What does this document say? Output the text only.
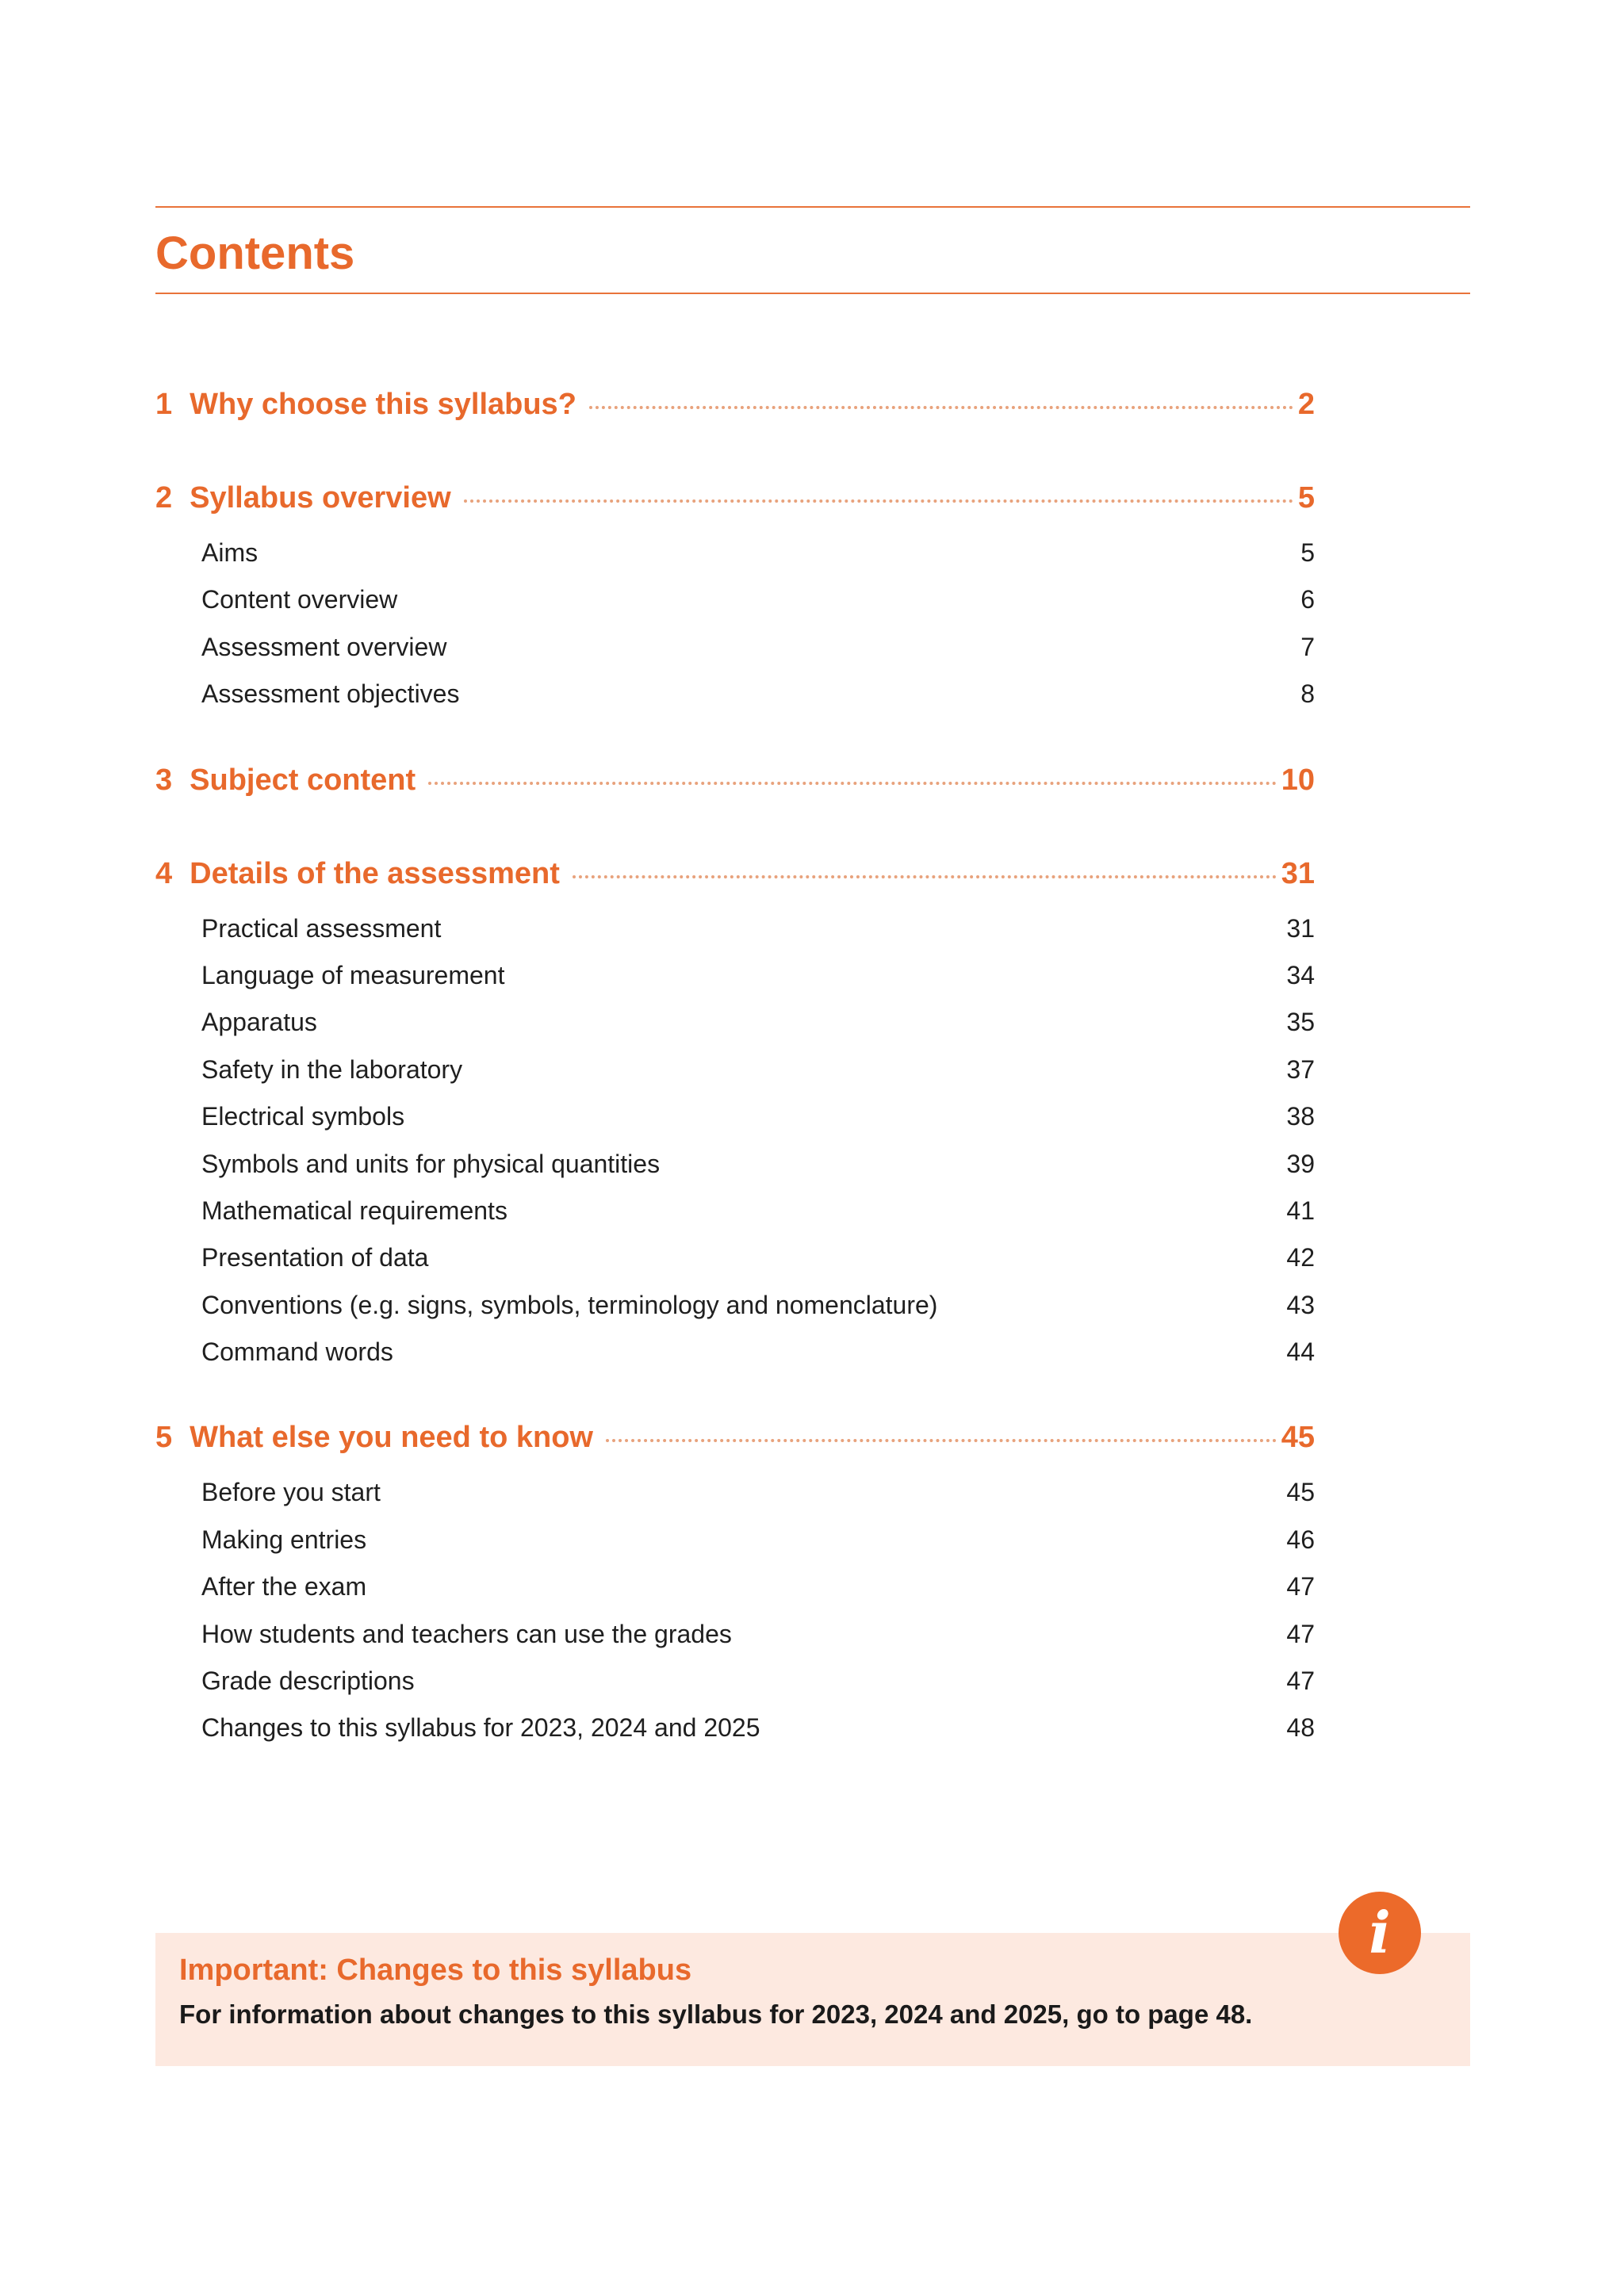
Contents
1 Why choose this syllabus?	2
2 Syllabus overview	5
Aims	5
Content overview	6
Assessment overview	7
Assessment objectives	8
3 Subject content	10
4 Details of the assessment	31
Practical assessment	31
Language of measurement	34
Apparatus	35
Safety in the laboratory	37
Electrical symbols	38
Symbols and units for physical quantities	39
Mathematical requirements	41
Presentation of data	42
Conventions (e.g. signs, symbols, terminology and nomenclature)	43
Command words	44
5 What else you need to know	45
Before you start	45
Making entries	46
After the exam	47
How students and teachers can use the grades	47
Grade descriptions	47
Changes to this syllabus for 2023, 2024 and 2025	48
Important: Changes to this syllabus
For information about changes to this syllabus for 2023, 2024 and 2025, go to page 48.
i
